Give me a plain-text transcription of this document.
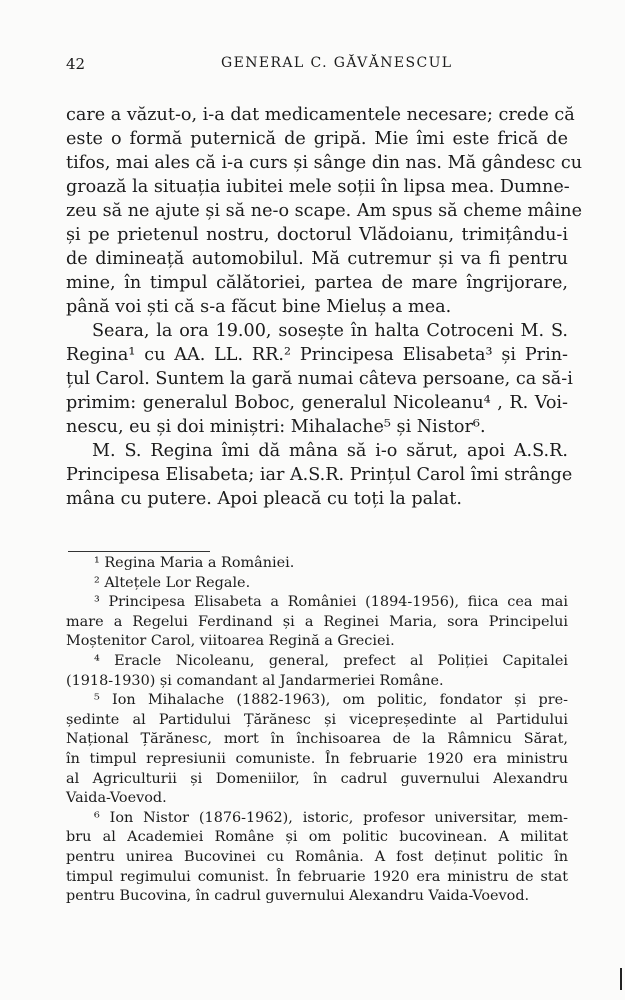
42	GENERAL C. GĂVĂNESCUL
care a văzut-o, i-a dat medicamentele necesare; crede că
este o formă puternică de gripă. Mie îmi este frică de
tifos, mai ales că i-a curs și sânge din nas. Mă gândesc cu
groază la situația iubitei mele soții în lipsa mea. Dumne-
zeu să ne ajute și să ne-o scape. Am spus să cheme mâine
și pe prietenul nostru, doctorul Vlădoianu, trimițându-i
de dimineață automobilul. Mă cutremur și va fi pentru
mine, în timpul călătoriei, partea de mare îngrijorare,
până voi ști că s-a făcut bine Mieluș a mea.
Seara, la ora 19.00, sosește în halta Cotroceni M. S.
Regina¹ cu AA. LL. RR.² Principesa Elisabeta³ și Prin-
țul Carol. Suntem la gară numai câteva persoane, ca să-i
primim: generalul Boboc, generalul Nicoleanu⁴ , R. Voi-
nescu, eu și doi miniștri: Mihalache⁵ și Nistor⁶.
M. S. Regina îmi dă mâna să i-o sărut, apoi A.S.R.
Principesa Elisabeta; iar A.S.R. Prințul Carol îmi strânge
mâna cu putere. Apoi pleacă cu toți la palat.
¹ Regina Maria a României.
² Altețele Lor Regale.
³ Principesa Elisabeta a României (1894-1956), fiica cea mai
mare a Regelui Ferdinand și a Reginei Maria, sora Principelui
Moștenitor Carol, viitoarea Regină a Greciei.
⁴ Eracle Nicoleanu, general, prefect al Poliției Capitalei
(1918-1930) și comandant al Jandarmeriei Române.
⁵ Ion Mihalache (1882-1963), om politic, fondator și pre-
ședinte al Partidului Țărănesc și vicepreședinte al Partidului
Național Țărănesc, mort în închisoarea de la Râmnicu Sărat,
în timpul represiunii comuniste. În februarie 1920 era ministru
al Agriculturii și Domeniilor, în cadrul guvernului Alexandru
Vaida-Voevod.
⁶ Ion Nistor (1876-1962), istoric, profesor universitar, mem-
bru al Academiei Române și om politic bucovinean. A militat
pentru unirea Bucovinei cu România. A fost deținut politic în
timpul regimului comunist. În februarie 1920 era ministru de stat
pentru Bucovina, în cadrul guvernului Alexandru Vaida-Voevod.
